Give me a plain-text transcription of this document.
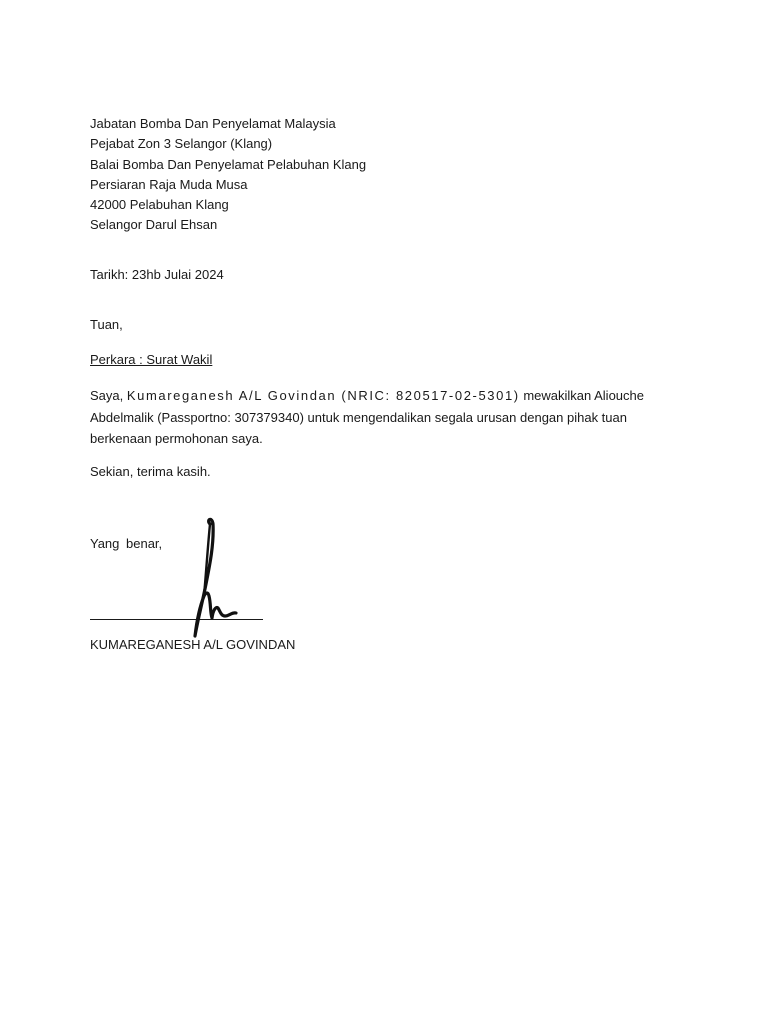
Jabatan Bomba Dan Penyelamat Malaysia
Pejabat Zon 3 Selangor (Klang)
Balai Bomba Dan Penyelamat Pelabuhan Klang
Persiaran Raja Muda Musa
42000 Pelabuhan Klang
Selangor Darul Ehsan
Tarikh: 23hb Julai 2024
Tuan,
Perkara : Surat Wakil
Saya, Kumareganesh A/L Govindan (NRIC: 820517-02-5301) mewakilkan Aliouche Abdelmalik (Passportno: 307379340) untuk mengendalikan segala urusan dengan pihak tuan berkenaan permohonan saya.
Sekian, terima kasih.
Yang benar,
KUMAREGANESH A/L GOVINDAN
